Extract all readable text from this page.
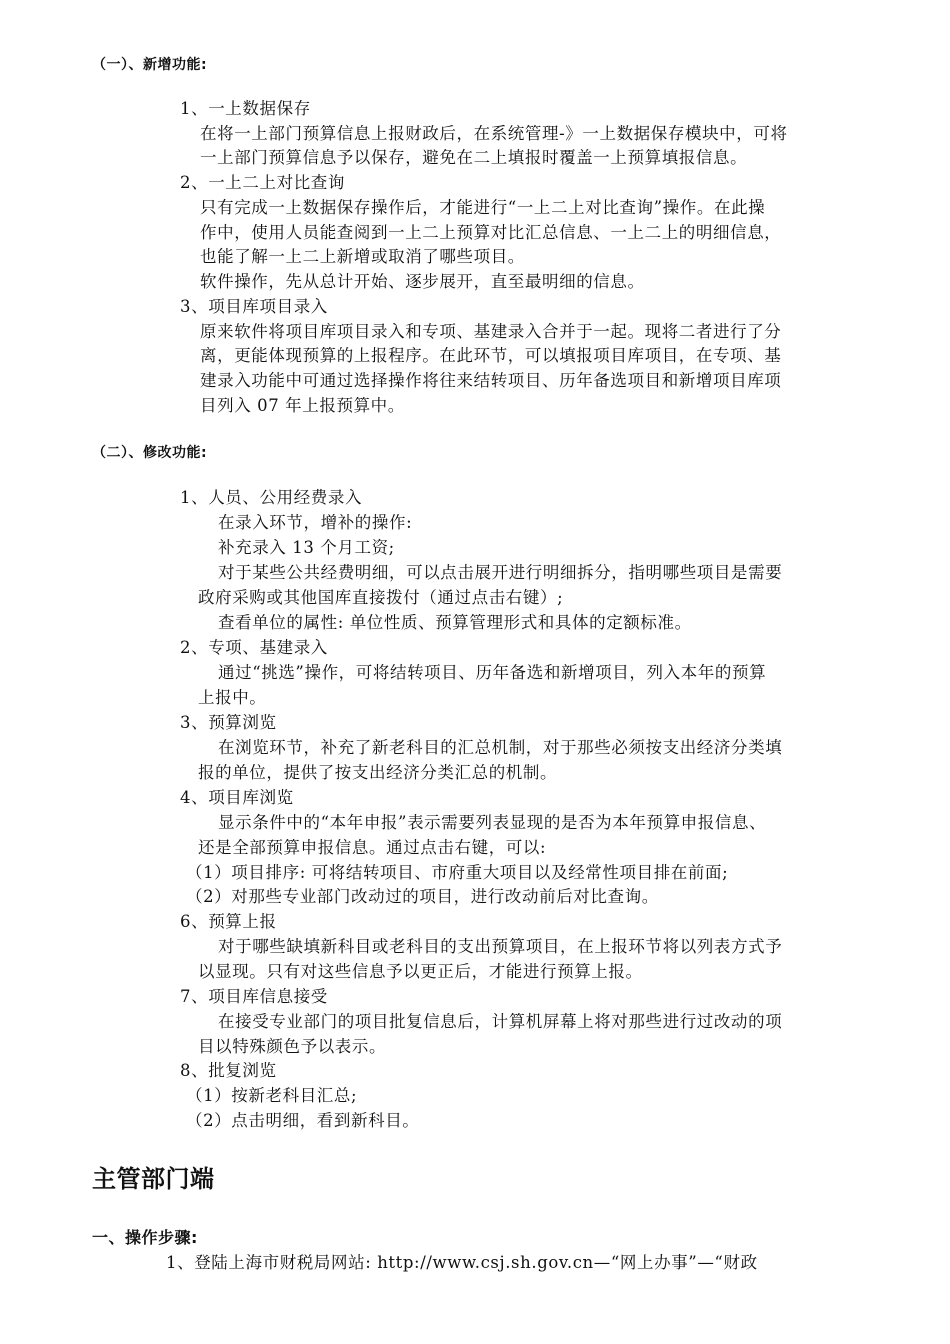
（一）、新增功能:
1、一上数据保存
在将一上部门预算信息上报财政后，在系统管理-》一上数据保存模块中，可将
一上部门预算信息予以保存，避免在二上填报时覆盖一上预算填报信息。
2、一上二上对比查询
只有完成一上数据保存操作后，才能进行“一上二上对比查询”操作。在此操
作中，使用人员能查阅到一上二上预算对比汇总信息、一上二上的明细信息，
也能了解一上二上新增或取消了哪些项目。
软件操作，先从总计开始、逐步展开，直至最明细的信息。
3、项目库项目录入
原来软件将项目库项目录入和专项、基建录入合并于一起。现将二者进行了分
离，更能体现预算的上报程序。在此环节，可以填报项目库项目，在专项、基
建录入功能中可通过选择操作将往来结转项目、历年备选项目和新增项目库项
目列入 07 年上报预算中。
（二）、修改功能:
1、人员、公用经费录入
在录入环节，增补的操作:
补充录入 13 个月工资;
对于某些公共经费明细，可以点击展开进行明细拆分，指明哪些项目是需要
政府采购或其他国库直接拨付（通过点击右键）;
查看单位的属性: 单位性质、预算管理形式和具体的定额标准。
2、专项、基建录入
通过“挑选”操作，可将结转项目、历年备选和新增项目，列入本年的预算
上报中。
3、预算浏览
在浏览环节，补充了新老科目的汇总机制，对于那些必须按支出经济分类填
报的单位，提供了按支出经济分类汇总的机制。
4、项目库浏览
显示条件中的“本年申报”表示需要列表显现的是否为本年预算申报信息、
还是全部预算申报信息。通过点击右键，可以:
（1）项目排序: 可将结转项目、市府重大项目以及经常性项目排在前面;
（2）对那些专业部门改动过的项目，进行改动前后对比查询。
6、预算上报
对于哪些缺填新科目或老科目的支出预算项目，在上报环节将以列表方式予
以显现。只有对这些信息予以更正后，才能进行预算上报。
7、项目库信息接受
在接受专业部门的项目批复信息后，计算机屏幕上将对那些进行过改动的项
目以特殊颜色予以表示。
8、批复浏览
（1）按新老科目汇总;
（2）点击明细，看到新科目。
主管部门端
一、操作步骤:
1、登陆上海市财税局网站: http://www.csj.sh.gov.cn—“网上办事”—“财政
